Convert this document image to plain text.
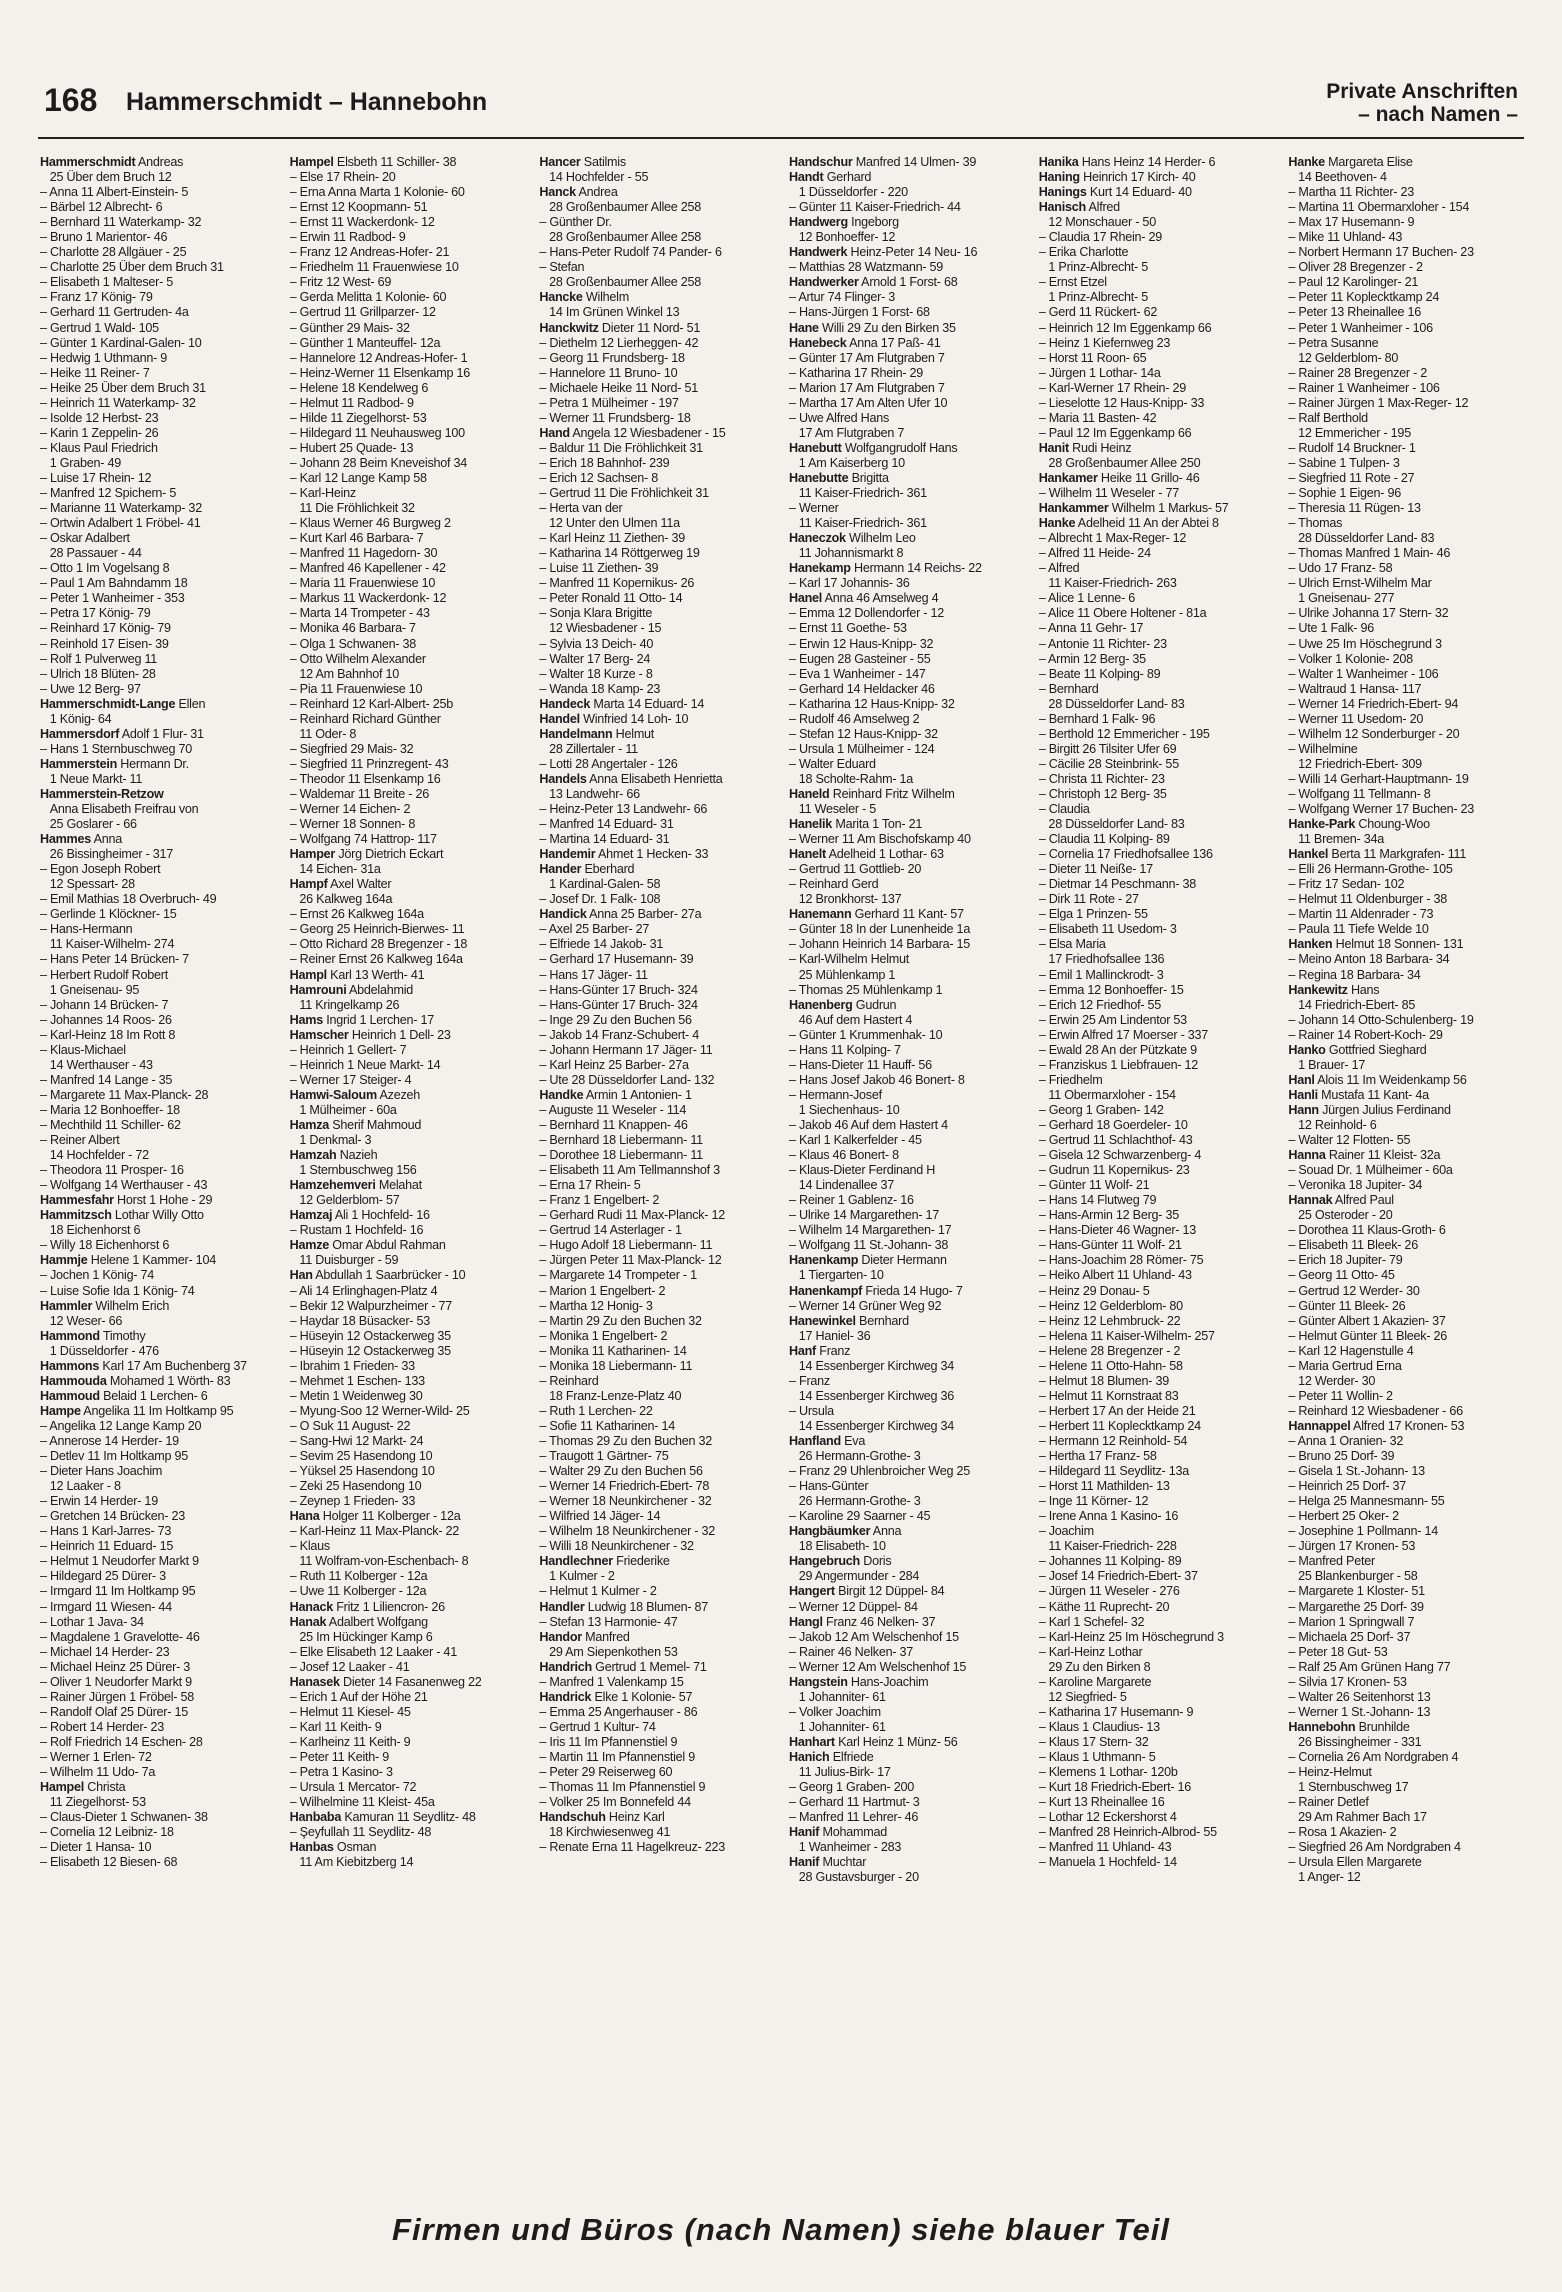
168 Hammerschmidt – Hannebohn	Private Anschriften
– nach Namen –

Hammerschmidt Andreas

25 Über dem Bruch 12

– Anna 11 Albert-Einstein- 5

– Bärbel 12 Albrecht- 6

– Bernhard 11 Waterkamp- 32

– Bruno 1 Marientor- 46

– Charlotte 28 Allgäuer - 25

– Charlotte 25 Über dem Bruch 31

– Elisabeth 1 Malteser- 5

– Franz 17 König- 79

– Gerhard 11 Gertruden- 4a

– Gertrud 1 Wald- 105

– Günter 1 Kardinal-Galen- 10

– Hedwig 1 Uthmann- 9

– Heike 11 Reiner- 7

– Heike 25 Über dem Bruch 31

– Heinrich 11 Waterkamp- 32

– Isolde 12 Herbst- 23

– Karin 1 Zeppelin- 26

– Klaus Paul Friedrich

1 Graben- 49

– Luise 17 Rhein- 12

– Manfred 12 Spichern- 5

– Marianne 11 Waterkamp- 32

– Ortwin Adalbert 1 Fröbel- 41

– Oskar Adalbert

28 Passauer - 44

– Otto 1 Im Vogelsang 8

– Paul 1 Am Bahndamm 18

– Peter 1 Wanheimer - 353

– Petra 17 König- 79

– Reinhard 17 König- 79

– Reinhold 17 Eisen- 39

– Rolf 1 Pulverweg 11

– Ulrich 18 Blüten- 28

– Uwe 12 Berg- 97

Hammerschmidt-Lange Ellen

1 König- 64

Hammersdorf Adolf 1 Flur- 31

– Hans 1 Sternbuschweg 70

Hammerstein Hermann Dr.

1 Neue Markt- 11

Hammerstein-Retzow

Anna Elisabeth Freifrau von

25 Goslarer - 66

Hammes Anna

26 Bissingheimer - 317

– Egon Joseph Robert

12 Spessart- 28

– Emil Mathias 18 Overbruch- 49

– Gerlinde 1 Klöckner- 15

– Hans-Hermann

11 Kaiser-Wilhelm- 274

– Hans Peter 14 Brücken- 7

– Herbert Rudolf Robert

1 Gneisenau- 95

– Johann 14 Brücken- 7

– Johannes 14 Roos- 26

– Karl-Heinz 18 Im Rott 8

– Klaus-Michael

14 Werthauser - 43

– Manfred 14 Lange - 35

– Margarete 11 Max-Planck- 28

– Maria 12 Bonhoeffer- 18

– Mechthild 11 Schiller- 62

– Reiner Albert

14 Hochfelder - 72

– Theodora 11 Prosper- 16

– Wolfgang 14 Werthauser - 43

Hammesfahr Horst 1 Hohe - 29

Hammitzsch Lothar Willy Otto

18 Eichenhorst 6

– Willy 18 Eichenhorst 6

Hammje Helene 1 Kammer- 104

– Jochen 1 König- 74

– Luise Sofie Ida 1 König- 74

Hammler Wilhelm Erich

12 Weser- 66

Hammond Timothy

1 Düsseldorfer - 476

Hammons Karl 17 Am Buchenberg 37

Hammouda Mohamed 1 Wörth- 83

Hammoud Belaid 1 Lerchen- 6

Hampe Angelika 11 Im Holtkamp 95

– Angelika 12 Lange Kamp 20

– Annerose 14 Herder- 19

– Detlev 11 Im Holtkamp 95

– Dieter Hans Joachim

12 Laaker - 8

– Erwin 14 Herder- 19

– Gretchen 14 Brücken- 23

– Hans 1 Karl-Jarres- 73

– Heinrich 11 Eduard- 15

– Helmut 1 Neudorfer Markt 9

– Hildegard 25 Dürer- 3

– Irmgard 11 Im Holtkamp 95

– Irmgard 11 Wiesen- 44

– Lothar 1 Java- 34

– Magdalene 1 Gravelotte- 46

– Michael 14 Herder- 23

– Michael Heinz 25 Dürer- 3

– Oliver 1 Neudorfer Markt 9

– Rainer Jürgen 1 Fröbel- 58

– Randolf Olaf 25 Dürer- 15

– Robert 14 Herder- 23

– Rolf Friedrich 14 Eschen- 28

– Werner 1 Erlen- 72

– Wilhelm 11 Udo- 7a

Hampel Christa

11 Ziegelhorst- 53

– Claus-Dieter 1 Schwanen- 38

– Cornelia 12 Leibniz- 18

– Dieter 1 Hansa- 10

– Elisabeth 12 Biesen- 68

Hampel Elsbeth 11 Schiller- 38

– Else 17 Rhein- 20

– Erna Anna Marta 1 Kolonie- 60

– Ernst 12 Koopmann- 51

– Ernst 11 Wackerdonk- 12

– Erwin 11 Radbod- 9

– Franz 12 Andreas-Hofer- 21

– Friedhelm 11 Frauenwiese 10

– Fritz 12 West- 69

– Gerda Melitta 1 Kolonie- 60

– Gertrud 11 Grillparzer- 12

– Günther 29 Mais- 32

– Günther 1 Manteuffel- 12a

– Hannelore 12 Andreas-Hofer- 1

– Heinz-Werner 11 Elsenkamp 16

– Helene 18 Kendelweg 6

– Helmut 11 Radbod- 9

– Hilde 11 Ziegelhorst- 53

– Hildegard 11 Neuhausweg 100

– Hubert 25 Quade- 13

– Johann 28 Beim Kneveishof 34

– Karl 12 Lange Kamp 58

– Karl-Heinz

11 Die Fröhlichkeit 32

– Klaus Werner 46 Burgweg 2

– Kurt Karl 46 Barbara- 7

– Manfred 11 Hagedorn- 30

– Manfred 46 Kapellener - 42

– Maria 11 Frauenwiese 10

– Markus 11 Wackerdonk- 12

– Marta 14 Trompeter - 43

– Monika 46 Barbara- 7

– Olga 1 Schwanen- 38

– Otto Wilhelm Alexander

12 Am Bahnhof 10

– Pia 11 Frauenwiese 10

– Reinhard 12 Karl-Albert- 25b

– Reinhard Richard Günther

11 Oder- 8

– Siegfried 29 Mais- 32

– Siegfried 11 Prinzregent- 43

– Theodor 11 Elsenkamp 16

– Waldemar 11 Breite - 26

– Werner 14 Eichen- 2

– Werner 18 Sonnen- 8

– Wolfgang 74 Hattrop- 117

Hamper Jörg Dietrich Eckart

14 Eichen- 31a

Hampf Axel Walter

26 Kalkweg 164a

– Ernst 26 Kalkweg 164a

– Georg 25 Heinrich-Bierwes- 11

– Otto Richard 28 Bregenzer - 18

– Reiner Ernst 26 Kalkweg 164a

Hampl Karl 13 Werth- 41

Hamrouni Abdelahmid

11 Kringelkamp 26

Hams Ingrid 1 Lerchen- 17

Hamscher Heinrich 1 Dell- 23

– Heinrich 1 Gellert- 7

– Heinrich 1 Neue Markt- 14

– Werner 17 Steiger- 4

Hamwi-Saloum Azezeh

1 Mülheimer - 60a

Hamza Sherif Mahmoud

1 Denkmal- 3

Hamzah Nazieh

1 Sternbuschweg 156

Hamzehemveri Melahat

12 Gelderblom- 57

Hamzaj Ali 1 Hochfeld- 16

– Rustam 1 Hochfeld- 16

Hamze Omar Abdul Rahman

11 Duisburger - 59

Han Abdullah 1 Saarbrücker - 10

– Ali 14 Erlinghagen-Platz 4

– Bekir 12 Walpurzheimer - 77

– Haydar 18 Büsacker- 53

– Hüseyin 12 Ostackerweg 35

– Hüseyin 12 Ostackerweg 35

– Ibrahim 1 Frieden- 33

– Mehmet 1 Eschen- 133

– Metin 1 Weidenweg 30

– Myung-Soo 12 Werner-Wild- 25

– O Suk 11 August- 22

– Sang-Hwi 12 Markt- 24

– Sevim 25 Hasendong 10

– Yüksel 25 Hasendong 10

– Zeki 25 Hasendong 10

– Zeynep 1 Frieden- 33

Hana Holger 11 Kolberger - 12a

– Karl-Heinz 11 Max-Planck- 22

– Klaus

11 Wolfram-von-Eschenbach- 8

– Ruth 11 Kolberger - 12a

– Uwe 11 Kolberger - 12a

Hanack Fritz 1 Liliencron- 26

Hanak Adalbert Wolfgang

25 Im Hückinger Kamp 6

– Elke Elisabeth 12 Laaker - 41

– Josef 12 Laaker - 41

Hanasek Dieter 14 Fasanenweg 22

– Erich 1 Auf der Höhe 21

– Helmut 11 Kiesel- 45

– Karl 11 Keith- 9

– Karlheinz 11 Keith- 9

– Peter 11 Keith- 9

– Petra 1 Kasino- 3

– Ursula 1 Mercator- 72

– Wilhelmine 11 Kleist- 45a

Hanbaba Kamuran 11 Seydlitz- 48

– Şeyfullah 11 Seydlitz- 48

Hanbas Osman

11 Am Kiebitzberg 14

Hancer Satilmis

14 Hochfelder - 55

Hanck Andrea

28 Großenbaumer Allee 258

– Günther Dr.

28 Großenbaumer Allee 258

– Hans-Peter Rudolf 74 Pander- 6

– Stefan

28 Großenbaumer Allee 258

Hancke Wilhelm

14 Im Grünen Winkel 13

Hanckwitz Dieter 11 Nord- 51

– Diethelm 12 Lierheggen- 42

– Georg 11 Frundsberg- 18

– Hannelore 11 Bruno- 10

– Michaele Heike 11 Nord- 51

– Petra 1 Mülheimer - 197

– Werner 11 Frundsberg- 18

Hand Angela 12 Wiesbadener - 15

– Baldur 11 Die Fröhlichkeit 31

– Erich 18 Bahnhof- 239

– Erich 12 Sachsen- 8

– Gertrud 11 Die Fröhlichkeit 31

– Herta van der

12 Unter den Ulmen 11a

– Karl Heinz 11 Ziethen- 39

– Katharina 14 Röttgerweg 19

– Luise 11 Ziethen- 39

– Manfred 11 Kopernikus- 26

– Peter Ronald 11 Otto- 14

– Sonja Klara Brigitte

12 Wiesbadener - 15

– Sylvia 13 Deich- 40

– Walter 17 Berg- 24

– Walter 18 Kurze - 8

– Wanda 18 Kamp- 23

Handeck Marta 14 Eduard- 14

Handel Winfried 14 Loh- 10

Handelmann Helmut

28 Zillertaler - 11

– Lotti 28 Angertaler - 126

Handels Anna Elisabeth Henrietta

13 Landwehr- 66

– Heinz-Peter 13 Landwehr- 66

– Manfred 14 Eduard- 31

– Martina 14 Eduard- 31

Handemir Ahmet 1 Hecken- 33

Hander Eberhard

1 Kardinal-Galen- 58

– Josef Dr. 1 Falk- 108

Handick Anna 25 Barber- 27a

– Axel 25 Barber- 27

– Elfriede 14 Jakob- 31

– Gerhard 17 Husemann- 39

– Hans 17 Jäger- 11

– Hans-Günter 17 Bruch- 324

– Hans-Günter 17 Bruch- 324

– Inge 29 Zu den Buchen 56

– Jakob 14 Franz-Schubert- 4

– Johann Hermann 17 Jäger- 11

– Karl Heinz 25 Barber- 27a

– Ute 28 Düsseldorfer Land- 132

Handke Armin 1 Antonien- 1

– Auguste 11 Weseler - 114

– Bernhard 11 Knappen- 46

– Bernhard 18 Liebermann- 11

– Dorothee 18 Liebermann- 11

– Elisabeth 11 Am Tellmannshof 3

– Erna 17 Rhein- 5

– Franz 1 Engelbert- 2

– Gerhard Rudi 11 Max-Planck- 12

– Gertrud 14 Asterlager - 1

– Hugo Adolf 18 Liebermann- 11

– Jürgen Peter 11 Max-Planck- 12

– Margarete 14 Trompeter - 1

– Marion 1 Engelbert- 2

– Martha 12 Honig- 3

– Martin 29 Zu den Buchen 32

– Monika 1 Engelbert- 2

– Monika 11 Katharinen- 14

– Monika 18 Liebermann- 11

– Reinhard

18 Franz-Lenze-Platz 40

– Ruth 1 Lerchen- 22

– Sofie 11 Katharinen- 14

– Thomas 29 Zu den Buchen 32

– Traugott 1 Gärtner- 75

– Walter 29 Zu den Buchen 56

– Werner 14 Friedrich-Ebert- 78

– Werner 18 Neunkirchener - 32

– Wilfried 14 Jäger- 14

– Wilhelm 18 Neunkirchener - 32

– Willi 18 Neunkirchener - 32

Handlechner Friederike

1 Kulmer - 2

– Helmut 1 Kulmer - 2

Handler Ludwig 18 Blumen- 87

– Stefan 13 Harmonie- 47

Handor Manfred

29 Am Siepenkothen 53

Handrich Gertrud 1 Memel- 71

– Manfred 1 Valenkamp 15

Handrick Elke 1 Kolonie- 57

– Emma 25 Angerhauser - 86

– Gertrud 1 Kultur- 74

– Iris 11 Im Pfannenstiel 9

– Martin 11 Im Pfannenstiel 9

– Peter 29 Reiserweg 60

– Thomas 11 Im Pfannenstiel 9

– Volker 25 Im Bonnefeld 44

Handschuh Heinz Karl

18 Kirchwiesenweg 41

– Renate Erna 11 Hagelkreuz- 223

Handschur Manfred 14 Ulmen- 39

Handt Gerhard

1 Düsseldorfer - 220

– Günter 11 Kaiser-Friedrich- 44

Handwerg Ingeborg

12 Bonhoeffer- 12

Handwerk Heinz-Peter 14 Neu- 16

– Matthias 28 Watzmann- 59

Handwerker Arnold 1 Forst- 68

– Artur 74 Flinger- 3

– Hans-Jürgen 1 Forst- 68

Hane Willi 29 Zu den Birken 35

Hanebeck Anna 17 Paß- 41

– Günter 17 Am Flutgraben 7

– Katharina 17 Rhein- 29

– Marion 17 Am Flutgraben 7

– Martha 17 Am Alten Ufer 10

– Uwe Alfred Hans

17 Am Flutgraben 7

Hanebutt Wolfgangrudolf Hans

1 Am Kaiserberg 10

Hanebutte Brigitta

11 Kaiser-Friedrich- 361

– Werner

11 Kaiser-Friedrich- 361

Haneczok Wilhelm Leo

11 Johannismarkt 8

Hanekamp Hermann 14 Reichs- 22

– Karl 17 Johannis- 36

Hanel Anna 46 Amselweg 4

– Emma 12 Dollendorfer - 12

– Ernst 11 Goethe- 53

– Erwin 12 Haus-Knipp- 32

– Eugen 28 Gasteiner - 55

– Eva 1 Wanheimer - 147

– Gerhard 14 Heldacker 46

– Katharina 12 Haus-Knipp- 32

– Rudolf 46 Amselweg 2

– Stefan 12 Haus-Knipp- 32

– Ursula 1 Mülheimer - 124

– Walter Eduard

18 Scholte-Rahm- 1a

Haneld Reinhard Fritz Wilhelm

11 Weseler - 5

Hanelik Marita 1 Ton- 21

– Werner 11 Am Bischofskamp 40

Hanelt Adelheid 1 Lothar- 63

– Gertrud 11 Gottlieb- 20

– Reinhard Gerd

12 Bronkhorst- 137

Hanemann Gerhard 11 Kant- 57

– Günter 18 In der Lunenheide 1a

– Johann Heinrich 14 Barbara- 15

– Karl-Wilhelm Helmut

25 Mühlenkamp 1

– Thomas 25 Mühlenkamp 1

Hanenberg Gudrun

46 Auf dem Hastert 4

– Günter 1 Krummenhak- 10

– Hans 11 Kolping- 7

– Hans-Dieter 11 Hauff- 56

– Hans Josef Jakob 46 Bonert- 8

– Hermann-Josef

1 Siechenhaus- 10

– Jakob 46 Auf dem Hastert 4

– Karl 1 Kalkerfelder - 45

– Klaus 46 Bonert- 8

– Klaus-Dieter Ferdinand H

14 Lindenallee 37

– Reiner 1 Gablenz- 16

– Ulrike 14 Margarethen- 17

– Wilhelm 14 Margarethen- 17

– Wolfgang 11 St.-Johann- 38

Hanenkamp Dieter Hermann

1 Tiergarten- 10

Hanenkampf Frieda 14 Hugo- 7

– Werner 14 Grüner Weg 92

Hanewinkel Bernhard

17 Haniel- 36

Hanf Franz

14 Essenberger Kirchweg 34

– Franz

14 Essenberger Kirchweg 36

– Ursula

14 Essenberger Kirchweg 34

Hanfland Eva

26 Hermann-Grothe- 3

– Franz 29 Uhlenbroicher Weg 25

– Hans-Günter

26 Hermann-Grothe- 3

– Karoline 29 Saarner - 45

Hangbäumker Anna

18 Elisabeth- 10

Hangebruch Doris

29 Angermunder - 284

Hangert Birgit 12 Düppel- 84

– Werner 12 Düppel- 84

Hangl Franz 46 Nelken- 37

– Jakob 12 Am Welschenhof 15

– Rainer 46 Nelken- 37

– Werner 12 Am Welschenhof 15

Hangstein Hans-Joachim

1 Johanniter- 61

– Volker Joachim

1 Johanniter- 61

Hanhart Karl Heinz 1 Münz- 56

Hanich Elfriede

11 Julius-Birk- 17

– Georg 1 Graben- 200

– Gerhard 11 Hartmut- 3

– Manfred 11 Lehrer- 46

Hanif Mohammad

1 Wanheimer - 283

Hanif Muchtar

28 Gustavsburger - 20

Hanika Hans Heinz 14 Herder- 6

Haning Heinrich 17 Kirch- 40

Hanings Kurt 14 Eduard- 40

Hanisch Alfred

12 Monschauer - 50

– Claudia 17 Rhein- 29

– Erika Charlotte

1 Prinz-Albrecht- 5

– Ernst Etzel

1 Prinz-Albrecht- 5

– Gerd 11 Rückert- 62

– Heinrich 12 Im Eggenkamp 66

– Heinz 1 Kiefernweg 23

– Horst 11 Roon- 65

– Jürgen 1 Lothar- 14a

– Karl-Werner 17 Rhein- 29

– Lieselotte 12 Haus-Knipp- 33

– Maria 11 Basten- 42

– Paul 12 Im Eggenkamp 66

Hanit Rudi Heinz

28 Großenbaumer Allee 250

Hankamer Heike 11 Grillo- 46

– Wilhelm 11 Weseler - 77

Hankammer Wilhelm 1 Markus- 57

Hanke Adelheid 11 An der Abtei 8

– Albrecht 1 Max-Reger- 12

– Alfred 11 Heide- 24

– Alfred

11 Kaiser-Friedrich- 263

– Alice 1 Lenne- 6

– Alice 11 Obere Holtener - 81a

– Anna 11 Gehr- 17

– Antonie 11 Richter- 23

– Armin 12 Berg- 35

– Beate 11 Kolping- 89

– Bernhard

28 Düsseldorfer Land- 83

– Bernhard 1 Falk- 96

– Berthold 12 Emmericher - 195

– Birgitt 26 Tilsiter Ufer 69

– Cäcilie 28 Steinbrink- 55

– Christa 11 Richter- 23

– Christoph 12 Berg- 35

– Claudia

28 Düsseldorfer Land- 83

– Claudia 11 Kolping- 89

– Cornelia 17 Friedhofsallee 136

– Dieter 11 Neiße- 17

– Dietmar 14 Peschmann- 38

– Dirk 11 Rote - 27

– Elga 1 Prinzen- 55

– Elisabeth 11 Usedom- 3

– Elsa Maria

17 Friedhofsallee 136

– Emil 1 Mallinckrodt- 3

– Emma 12 Bonhoeffer- 15

– Erich 12 Friedhof- 55

– Erwin 25 Am Lindentor 53

– Erwin Alfred 17 Moerser - 337

– Ewald 28 An der Pützkate 9

– Franziskus 1 Liebfrauen- 12

– Friedhelm

11 Obermarxloher - 154

– Georg 1 Graben- 142

– Gerhard 18 Goerdeler- 10

– Gertrud 11 Schlachthof- 43

– Gisela 12 Schwarzenberg- 4

– Gudrun 11 Kopernikus- 23

– Günter 11 Wolf- 21

– Hans 14 Flutweg 79

– Hans-Armin 12 Berg- 35

– Hans-Dieter 46 Wagner- 13

– Hans-Günter 11 Wolf- 21

– Hans-Joachim 28 Römer- 75

– Heiko Albert 11 Uhland- 43

– Heinz 29 Donau- 5

– Heinz 12 Gelderblom- 80

– Heinz 12 Lehmbruck- 22

– Helena 11 Kaiser-Wilhelm- 257

– Helene 28 Bregenzer - 2

– Helene 11 Otto-Hahn- 58

– Helmut 18 Blumen- 39

– Helmut 11 Kornstraat 83

– Herbert 17 An der Heide 21

– Herbert 11 Koplecktkamp 24

– Hermann 12 Reinhold- 54

– Hertha 17 Franz- 58

– Hildegard 11 Seydlitz- 13a

– Horst 11 Mathilden- 13

– Inge 11 Körner- 12

– Irene Anna 1 Kasino- 16

– Joachim

11 Kaiser-Friedrich- 228

– Johannes 11 Kolping- 89

– Josef 14 Friedrich-Ebert- 37

– Jürgen 11 Weseler - 276

– Käthe 11 Ruprecht- 20

– Karl 1 Schefel- 32

– Karl-Heinz 25 Im Höschegrund 3

– Karl-Heinz Lothar

29 Zu den Birken 8

– Karoline Margarete

12 Siegfried- 5

– Katharina 17 Husemann- 9

– Klaus 1 Claudius- 13

– Klaus 17 Stern- 32

– Klaus 1 Uthmann- 5

– Klemens 1 Lothar- 120b

– Kurt 18 Friedrich-Ebert- 16

– Kurt 13 Rheinallee 16

– Lothar 12 Eckershorst 4

– Manfred 28 Heinrich-Albrod- 55

– Manfred 11 Uhland- 43

– Manuela 1 Hochfeld- 14

Hanke Margareta Elise

14 Beethoven- 4

– Martha 11 Richter- 23

– Martina 11 Obermarxloher - 154

– Max 17 Husemann- 9

– Mike 11 Uhland- 43

– Norbert Hermann 17 Buchen- 23

– Oliver 28 Bregenzer - 2

– Paul 12 Karolinger- 21

– Peter 11 Koplecktkamp 24

– Peter 13 Rheinallee 16

– Peter 1 Wanheimer - 106

– Petra Susanne

12 Gelderblom- 80

– Rainer 28 Bregenzer - 2

– Rainer 1 Wanheimer - 106

– Rainer Jürgen 1 Max-Reger- 12

– Ralf Berthold

12 Emmericher - 195

– Rudolf 14 Bruckner- 1

– Sabine 1 Tulpen- 3

– Siegfried 11 Rote - 27

– Sophie 1 Eigen- 96

– Theresia 11 Rügen- 13

– Thomas

28 Düsseldorfer Land- 83

– Thomas Manfred 1 Main- 46

– Udo 17 Franz- 58

– Ulrich Ernst-Wilhelm Mar

1 Gneisenau- 277

– Ulrike Johanna 17 Stern- 32

– Ute 1 Falk- 96

– Uwe 25 Im Höschegrund 3

– Volker 1 Kolonie- 208

– Walter 1 Wanheimer - 106

– Waltraud 1 Hansa- 117

– Werner 14 Friedrich-Ebert- 94

– Werner 11 Usedom- 20

– Wilhelm 12 Sonderburger - 20

– Wilhelmine

12 Friedrich-Ebert- 309

– Willi 14 Gerhart-Hauptmann- 19

– Wolfgang 11 Tellmann- 8

– Wolfgang Werner 17 Buchen- 23

Hanke-Park Choung-Woo

11 Bremen- 34a

Hankel Berta 11 Markgrafen- 111

– Elli 26 Hermann-Grothe- 105

– Fritz 17 Sedan- 102

– Helmut 11 Oldenburger - 38

– Martin 11 Aldenrader - 73

– Paula 11 Tiefe Welde 10

Hanken Helmut 18 Sonnen- 131

– Meino Anton 18 Barbara- 34

– Regina 18 Barbara- 34

Hankewitz Hans

14 Friedrich-Ebert- 85

– Johann 14 Otto-Schulenberg- 19

– Rainer 14 Robert-Koch- 29

Hanko Gottfried Sieghard

1 Brauer- 17

Hanl Alois 11 Im Weidenkamp 56

Hanli Mustafa 11 Kant- 4a

Hann Jürgen Julius Ferdinand

12 Reinhold- 6

– Walter 12 Flotten- 55

Hanna Rainer 11 Kleist- 32a

– Souad Dr. 1 Mülheimer - 60a

– Veronika 18 Jupiter- 34

Hannak Alfred Paul

25 Osteroder - 20

– Dorothea 11 Klaus-Groth- 6

– Elisabeth 11 Bleek- 26

– Erich 18 Jupiter- 79

– Georg 11 Otto- 45

– Gertrud 12 Werder- 30

– Günter 11 Bleek- 26

– Günter Albert 1 Akazien- 37

– Helmut Günter 11 Bleek- 26

– Karl 12 Hagenstulle 4

– Maria Gertrud Erna

12 Werder- 30

– Peter 11 Wollin- 2

– Reinhard 12 Wiesbadener - 66

Hannappel Alfred 17 Kronen- 53

– Anna 1 Oranien- 32

– Bruno 25 Dorf- 39

– Gisela 1 St.-Johann- 13

– Heinrich 25 Dorf- 37

– Helga 25 Mannesmann- 55

– Herbert 25 Oker- 2

– Josephine 1 Pollmann- 14

– Jürgen 17 Kronen- 53

– Manfred Peter

25 Blankenburger - 58

– Margarete 1 Kloster- 51

– Margarethe 25 Dorf- 39

– Marion 1 Springwall 7

– Michaela 25 Dorf- 37

– Peter 18 Gut- 53

– Ralf 25 Am Grünen Hang 77

– Silvia 17 Kronen- 53

– Walter 26 Seitenhorst 13

– Werner 1 St.-Johann- 13

Hannebohn Brunhilde

26 Bissingheimer - 331

– Cornelia 26 Am Nordgraben 4

– Heinz-Helmut

1 Sternbuschweg 17

– Rainer Detlef

29 Am Rahmer Bach 17

– Rosa 1 Akazien- 2

– Siegfried 26 Am Nordgraben 4

– Ursula Ellen Margarete

1 Anger- 12

Firmen und Büros (nach Namen) siehe blauer Teil
